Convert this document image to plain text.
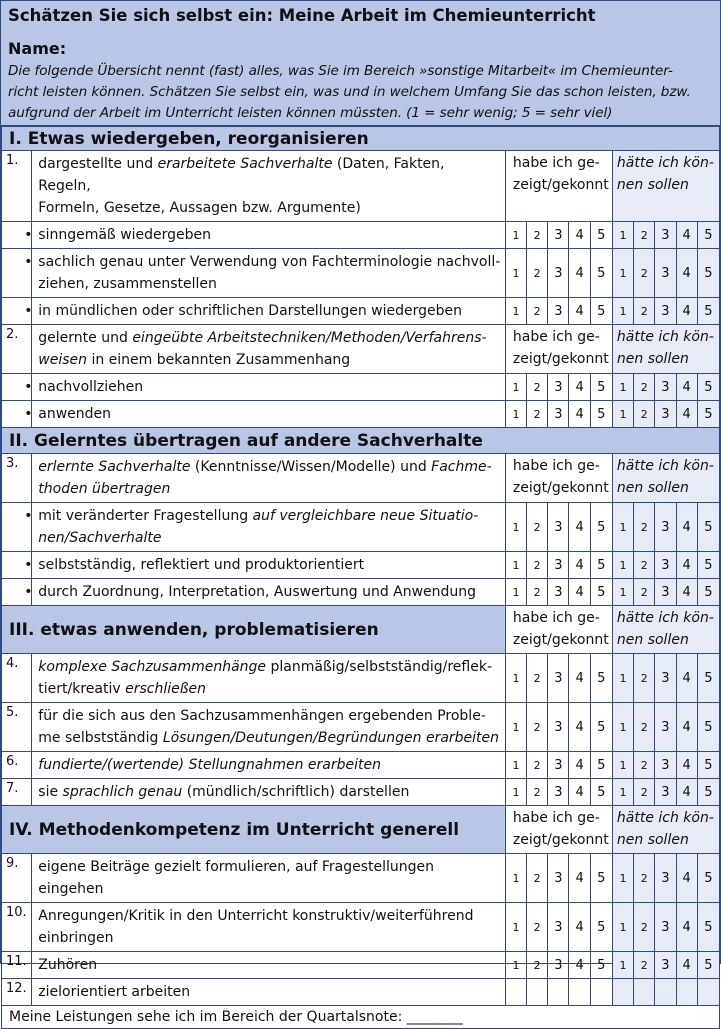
Schätzen Sie sich selbst ein: Meine Arbeit im Chemieunterricht
Name:
Die folgende Übersicht nennt (fast) alles, was Sie im Bereich »sonstige Mitarbeit« im Chemieunter-
richt leisten können. Schätzen Sie selbst ein, was und in welchem Umfang Sie das schon leisten, bzw.
aufgrund der Arbeit im Unterricht leisten können müssten. (1 = sehr wenig; 5 = sehr viel)
I. Etwas wiedergeben, reorganisieren											
1.	dargestellte und erarbeitete Sachverhalte (Daten, Fakten, Regeln,
Formeln, Gesetze, Aussagen bzw. Argumente)	habe ich ge-
zeigt/gekonnt					hätte ich kön-
nen sollen				
	• sinngemäß wiedergeben	1	2	3	4	5	1	2	3	4	5
	• sachlich genau unter Verwendung von Fachterminologie nachvoll-
ziehen, zusammenstellen	1	2	3	4	5	1	2	3	4	5
	• in mündlichen oder schriftlichen Darstellungen wiedergeben	1	2	3	4	5	1	2	3	4	5
2.	gelernte und eingeübte Arbeitstechniken/Methoden/Verfahrens-
weisen in einem bekannten Zusammenhang	habe ich ge-
zeigt/gekonnt					hätte ich kön-
nen sollen				
	• nachvollziehen	1	2	3	4	5	1	2	3	4	5
	• anwenden	1	2	3	4	5	1	2	3	4	5
II. Gelerntes übertragen auf andere Sachverhalte											
3.	erlernte Sachverhalte (Kenntnisse/Wissen/Modelle) und Fachme-
thoden übertragen	habe ich ge-
zeigt/gekonnt					hätte ich kön-
nen sollen				
	• mit veränderter Fragestellung auf vergleichbare neue Situatio-
nen/Sachverhalte	1	2	3	4	5	1	2	3	4	5
	• selbstständig, reflektiert und produktorientiert	1	2	3	4	5	1	2	3	4	5
	• durch Zuordnung, Interpretation, Auswertung und Anwendung	1	2	3	4	5	1	2	3	4	5
III. etwas anwenden, problematisieren		habe ich ge-
zeigt/gekonnt					hätte ich kön-
nen sollen				
4.	komplexe Sachzusammenhänge planmäßig/selbstständig/reflek-
tiert/kreativ erschließen	1	2	3	4	5	1	2	3	4	5
5.	für die sich aus den Sachzusammenhängen ergebenden Proble-
me selbstständig Lösungen/Deutungen/Begründungen erarbeiten	1	2	3	4	5	1	2	3	4	5
6.	fundierte/(wertende) Stellungnahmen erarbeiten	1	2	3	4	5	1	2	3	4	5
7.	sie sprachlich genau (mündlich/schriftlich) darstellen	1	2	3	4	5	1	2	3	4	5
IV. Methodenkompetenz im Unterricht generell		habe ich ge-
zeigt/gekonnt					hätte ich kön-
nen sollen				
9.	eigene Beiträge gezielt formulieren, auf Fragestellungen eingehen	1	2	3	4	5	1	2	3	4	5
10.	Anregungen/Kritik in den Unterricht konstruktiv/weiterführend
einbringen	1	2	3	4	5	1	2	3	4	5
11.	Zuhören	1	2	3	4	5	1	2	3	4	5
12.	zielorientiert arbeiten										
Meine Leistungen sehe ich im Bereich der Quartalsnote: ________											
